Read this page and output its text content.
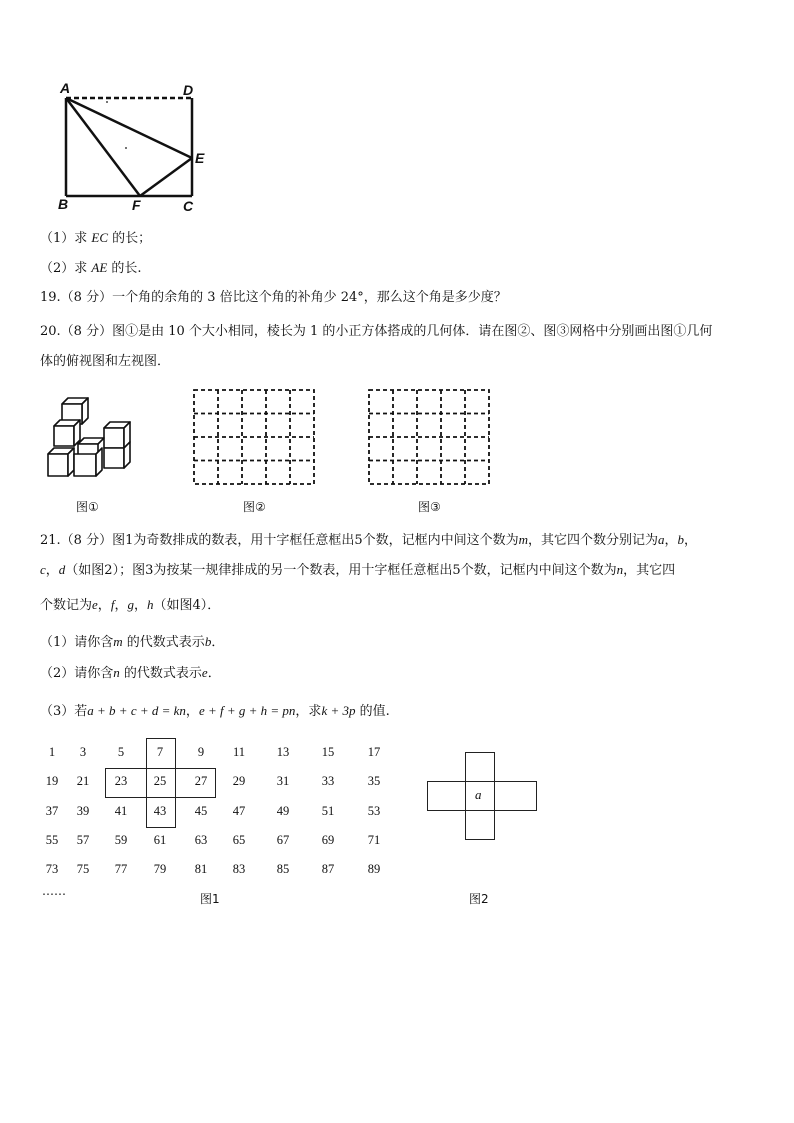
A	D
E
B	F	C
（1）求 EC 的长；
（2）求 AE 的长.
19.（8 分）一个角的余角的 3 倍比这个角的补角少 24°，那么这个角是多少度？
20.（8 分）图①是由 10 个大小相同，棱长为 1 的小正方体搭成的几何体．请在图②、图③网格中分别画出图①几何
体的俯视图和左视图．
图①	图②	图③
21.（8 分）图1为奇数排成的数表，用十字框任意框出5个数，记框内中间这个数为m，其它四个数分别记为a，b，
c，d（如图2）；图3为按某一规律排成的另一个数表，用十字框任意框出5个数，记框内中间这个数为n，其它四
个数记为e，f，g，h（如图4）．
（1）请你含m 的代数式表示b．
（2）请你含n 的代数式表示e．
（3）若a + b + c + d = kn，e + f + g + h = pn，求k + 3p 的值.
1	3	5	7	9	11	13	15	17
19	21	23	25	27	29	31	33	35
37	39	41	43	45	47	49	51	53
55	57	59	61	63	65	67	69	71
73	75	77	79	81	83	85	87	89
……
图1
a
图2
